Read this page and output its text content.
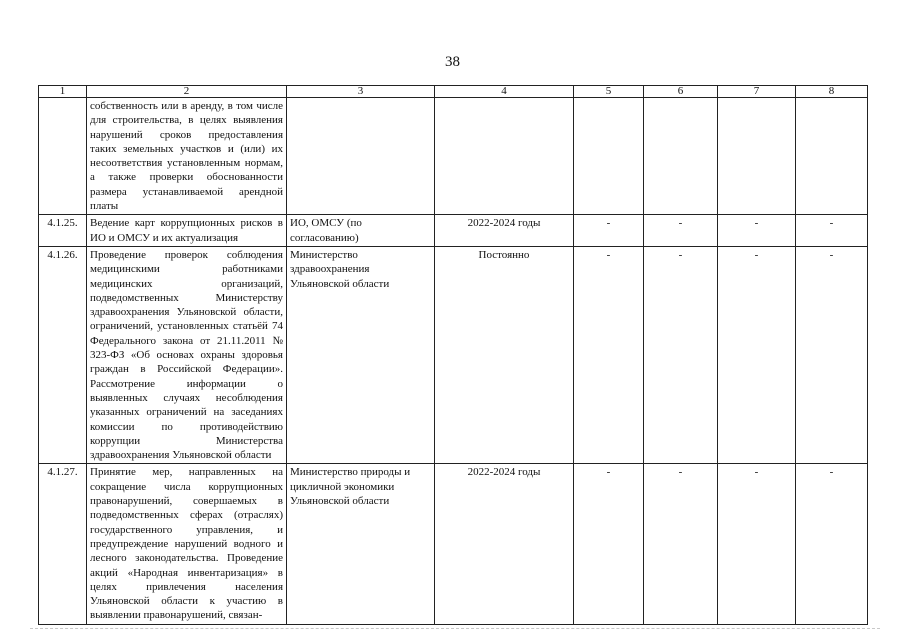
38
1	2	3	4	5	6	7	8
	собственность или в аренду, в том числе для строительства, в целях выявления нарушений сроков предоставления таких земельных участков и (или) их несоответствия установленным нормам, а также проверки обоснованности размера устанавливаемой арендной платы						
4.1.25.	Ведение карт коррупционных рисков в ИО и ОМСУ и их актуализация	ИО, ОМСУ (по согласованию)	2022-2024 годы	-	-	-	-
4.1.26.	Проведение проверок соблюдения медицинскими работниками медицинских организаций, подведомственных Министерству здравоохранения Ульяновской области, ограничений, установленных статьёй 74 Федерального закона от 21.11.2011 № 323-ФЗ «Об основах охраны здоровья граждан в Российской Федерации». Рассмотрение информации о выявленных случаях несоблюдения указанных ограничений на заседаниях комиссии по противодействию коррупции Министерства здравоохранения Ульяновской области	Министерство здравоохранения Ульяновской области	Постоянно	-	-	-	-
4.1.27.	Принятие мер, направленных на сокращение числа коррупционных правонарушений, совершаемых в подведомственных сферах (отраслях) государственного управления, и предупреждение нарушений водного и лесного законодательства. Проведение акций «Народная инвентаризация» в целях привлечения населения Ульяновской области к участию в выявлении правонарушений, связан-	Министерство природы и цикличной экономики Ульяновской области	2022-2024 годы	-	-	-	-
